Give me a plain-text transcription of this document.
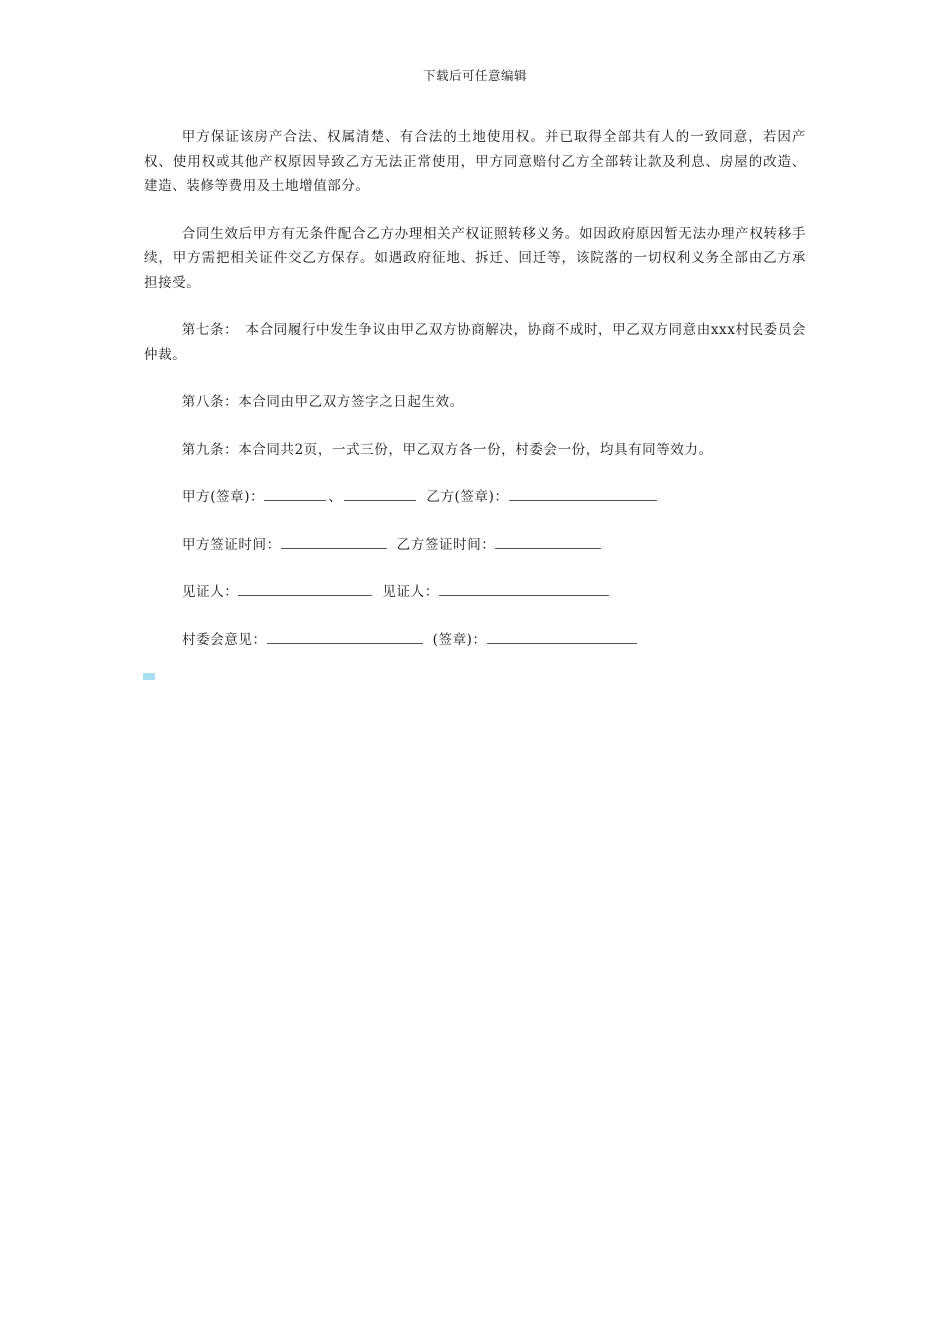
下载后可任意编辑

甲方保证该房产合法、权属清楚、有合法的土地使用权。并已取得全部共有人的一致同意，若因产权、使用权或其他产权原因导致乙方无法正常使用，甲方同意赔付乙方全部转让款及利息、房屋的改造、建造、装修等费用及土地增值部分。

合同生效后甲方有无条件配合乙方办理相关产权证照转移义务。如因政府原因暂无法办理产权转移手续，甲方需把相关证件交乙方保存。如遇政府征地、拆迁、回迁等，该院落的一切权利义务全部由乙方承担接受。

第七条：　本合同履行中发生争议由甲乙双方协商解决，协商不成时，甲乙双方同意由xxx村民委员会仲裁。

第八条：本合同由甲乙双方签字之日起生效。

第九条：本合同共2页，一式三份，甲乙双方各一份，村委会一份，均具有同等效力。

甲方(签章)：	、	乙方(签章)：
甲方签证时间：	乙方签证时间：
见证人：	见证人：
村委会意见：	(签章)：
